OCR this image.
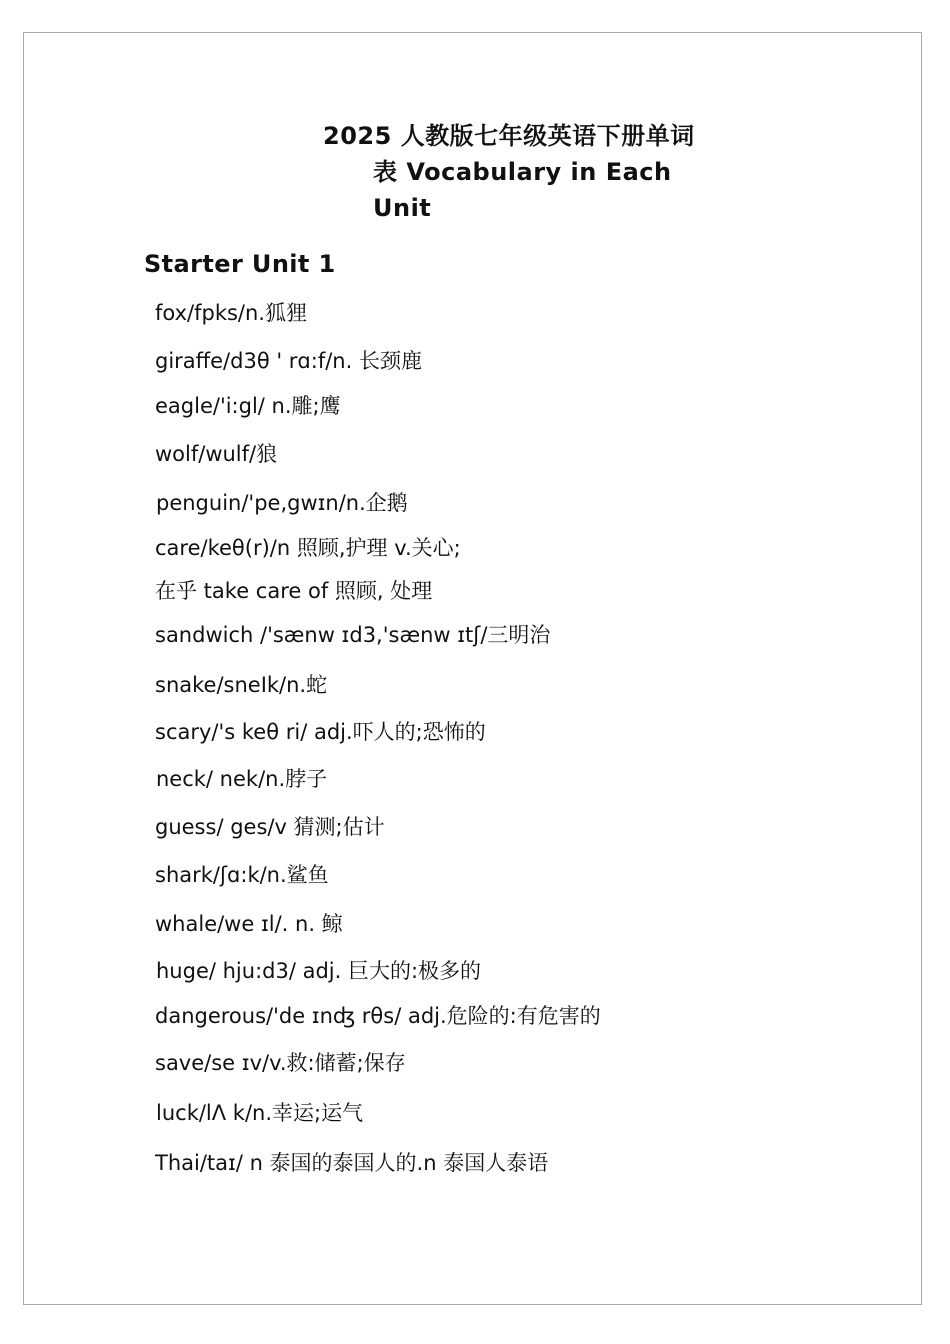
2025 人教版七年级英语下册单词
表 Vocabulary in Each
Unit
Starter Unit 1
fox/fpks/n.狐狸
giraffe/d3θ ' rɑ:f/n. 长颈鹿
eagle/'i:gl/ n.雕;鹰
wolf/wulf/狼
penguin/'pe,gwɪn/n.企鹅
care/keθ(r)/n 照顾,护理 v.关心;
在乎 take care of 照顾, 处理
sandwich /'sænw ɪd3,'sænw ɪtʃ/三明治
snake/sneIk/n.蛇
scary/'s keθ ri/ adj.吓人的;恐怖的
neck/ nek/n.脖子
guess/ ges/v 猜测;估计
shark/ʃɑ:k/n.鲨鱼
whale/we ɪl/. n. 鲸
huge/ hju:d3/ adj. 巨大的:极多的
dangerous/'de ɪnʤ rθs/ adj.危险的:有危害的
save/se ɪv/v.救:储蓄;保存
luck/lΛ k/n.幸运;运气
Thai/taɪ/ n 泰国的泰国人的.n 泰国人泰语
